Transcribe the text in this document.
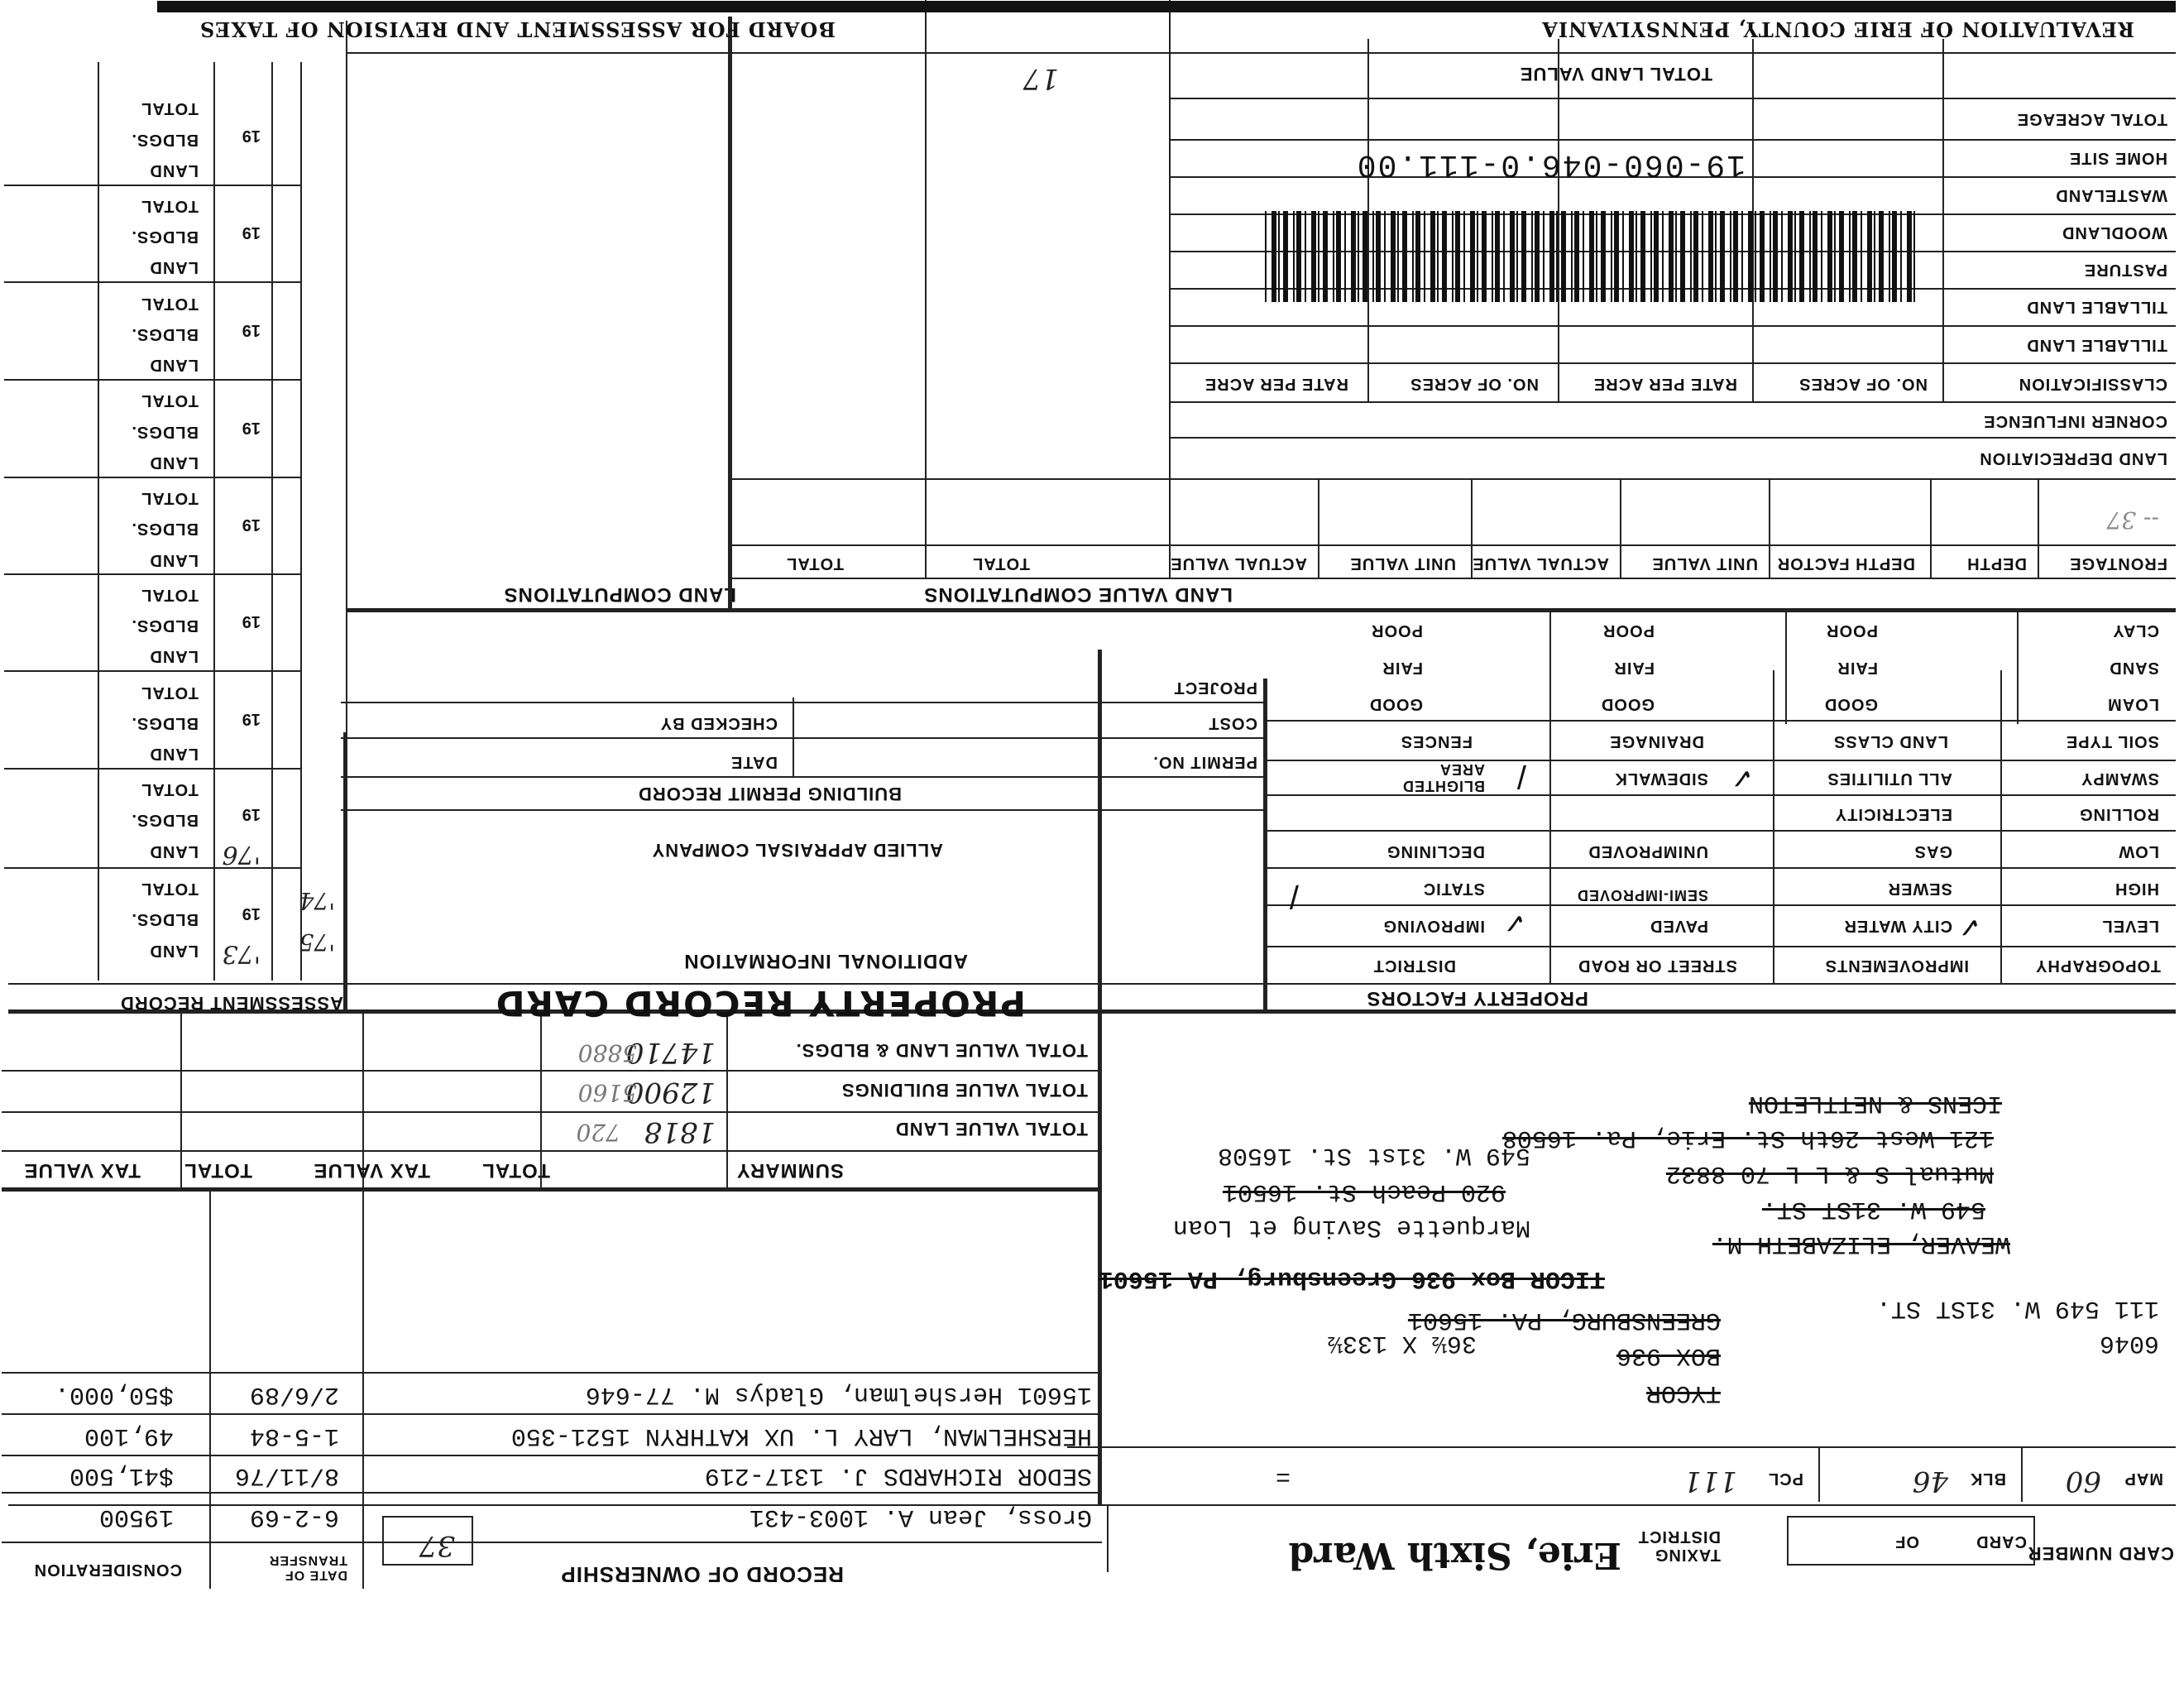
CARD NUMBER
CARD
OF
TAXING DISTRICT
Erie, Sixth Ward
37
MAP
60
BLK
46
PCL
111
=
TYCOR
BOX 936
GREENSBURG, PA. 15601
6046
36½ X 133½
111 549 W. 31ST ST.
TICOR Box 936 Greensburg, PA 15601
WEAVER, ELIZABETH M.
549 W. 31ST ST.
Marquette Saving et Loan
920 Peach St. 16501
Mutual S & L L-70-8832
549 W. 31st St. 16508
121 West 26th St. Erie, Pa. 16508
ICENS & NETTLETON
RECORD OF OWNERSHIP
DATE OF TRANSFER
CONSIDERATION
Gross, Jean A. 1003-431
6-2-69
19500
SEDOR RICHARDS J. 1317-219
8/11/76
$41,500
HERSHELMAN, LARY L. UX KATHRYN 1521-350
1-5-84
49,100
15601 Hershelman, Gladys M. 77-646
2/6/89
$50,000.
SUMMARY
TOTAL
TAX VALUE
TOTAL
TAX VALUE
TOTAL VALUE LAND
1818
720
TOTAL VALUE BUILDINGS
12900
5160
TOTAL VALUE LAND & BLDGS.
14710
5880
PROPERTY FACTORS
TOPOGRAPHY
IMPROVEMENTS
STREET OR ROAD
DISTRICT
LEVEL
CITY WATER
PAVED
IMPROVING
HIGH
SEWER
SEMI-IMPROVED
STATIC
LOW
GAS
UNIMPROVED
DECLINING
ROLLING
ELECTRICITY
SWAMPY
ALL UTILITIES
SIDEWALK
BLIGHTED AREA
✓
✓
/
✓
/
SOIL TYPE
LAND CLASS
DRAINAGE
FENCES
LOAM
GOOD
GOOD
GOOD
SAND
FAIR
FAIR
FAIR
CLAY
POOR
POOR
POOR
PROPERTY RECORD CARD
ADDITIONAL INFORMATION
ALLIED APPRAISAL COMPANY
BUILDING PERMIT RECORD
PERMIT NO.
DATE
COST
CHECKED BY
PROJECT
ASSESSMENT RECORD
LAND
BLDGS.
TOTAL
19
'73
LAND
BLDGS.
TOTAL
19
'76
LAND
BLDGS.
TOTAL
19
LAND
BLDGS.
TOTAL
19
LAND
BLDGS.
TOTAL
19
LAND
BLDGS.
TOTAL
19
LAND
BLDGS.
TOTAL
19
LAND
BLDGS.
TOTAL
19
LAND
BLDGS.
TOTAL
19
'75
'74
LAND VALUE COMPUTATIONS
LAND COMPUTATIONS
FRONTAGE
DEPTH
DEPTH FACTOR
UNIT VALUE
ACTUAL VALUE
UNIT VALUE
ACTUAL VALUE
TOTAL
TOTAL
-- 37
LAND DEPRECIATION
CORNER INFLUENCE
CLASSIFICATION
NO. OF ACRES
RATE PER ACRE
NO. OF ACRES
RATE PER ACRE
TILLABLE LAND
TILLABLE LAND
PASTURE
WOODLAND
WASTELAND
HOME SITE
TOTAL ACREAGE
19-060-046.0-111.00
TOTAL LAND VALUE
17
REVALUATION OF ERIE COUNTY, PENNSYLVANIA
BOARD FOR ASSESSMENT AND REVISION OF TAXES
